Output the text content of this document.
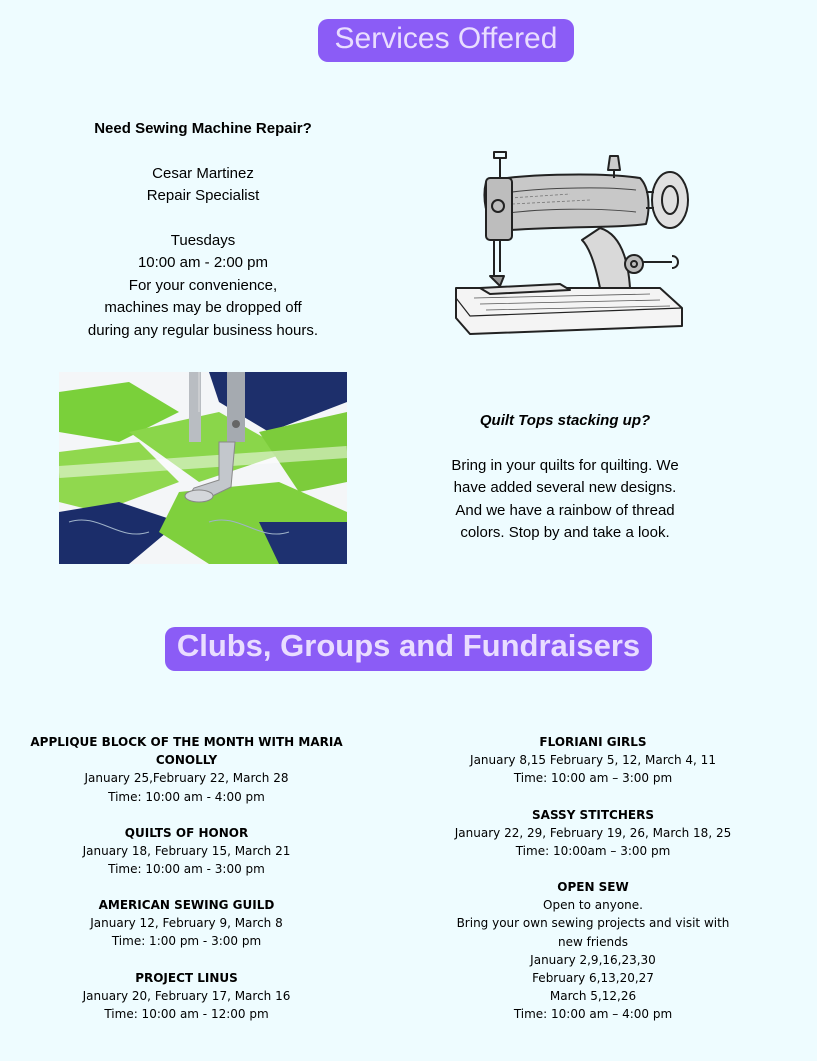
Services Offered
Need Sewing Machine Repair?

Cesar Martinez
Repair Specialist

Tuesdays
10:00 am - 2:00 pm
For your convenience,
machines may be dropped off
during any regular business hours.
Quilt Tops stacking up?

Bring in your quilts for quilting. We
have added several new designs.
And we have a rainbow of thread
colors. Stop by and take a look.
Clubs, Groups and Fundraisers
APPLIQUE BLOCK OF THE MONTH WITH MARIA
CONOLLY
January 25,February 22, March 28
Time: 10:00 am - 4:00 pm
QUILTS OF HONOR
January 18, February 15, March 21
Time: 10:00 am - 3:00 pm
AMERICAN SEWING GUILD
January 12, February 9, March 8
Time: 1:00 pm - 3:00 pm
PROJECT LINUS
January 20, February 17, March 16
Time: 10:00 am - 12:00 pm
FLORIANI GIRLS
January 8,15 February 5, 12, March 4, 11
Time: 10:00 am – 3:00 pm
SASSY STITCHERS
January 22, 29, February 19, 26, March 18, 25
Time: 10:00am – 3:00 pm
OPEN SEW
Open to anyone.
Bring your own sewing projects and visit with
new friends
January 2,9,16,23,30
February 6,13,20,27
March 5,12,26
Time: 10:00 am – 4:00 pm
